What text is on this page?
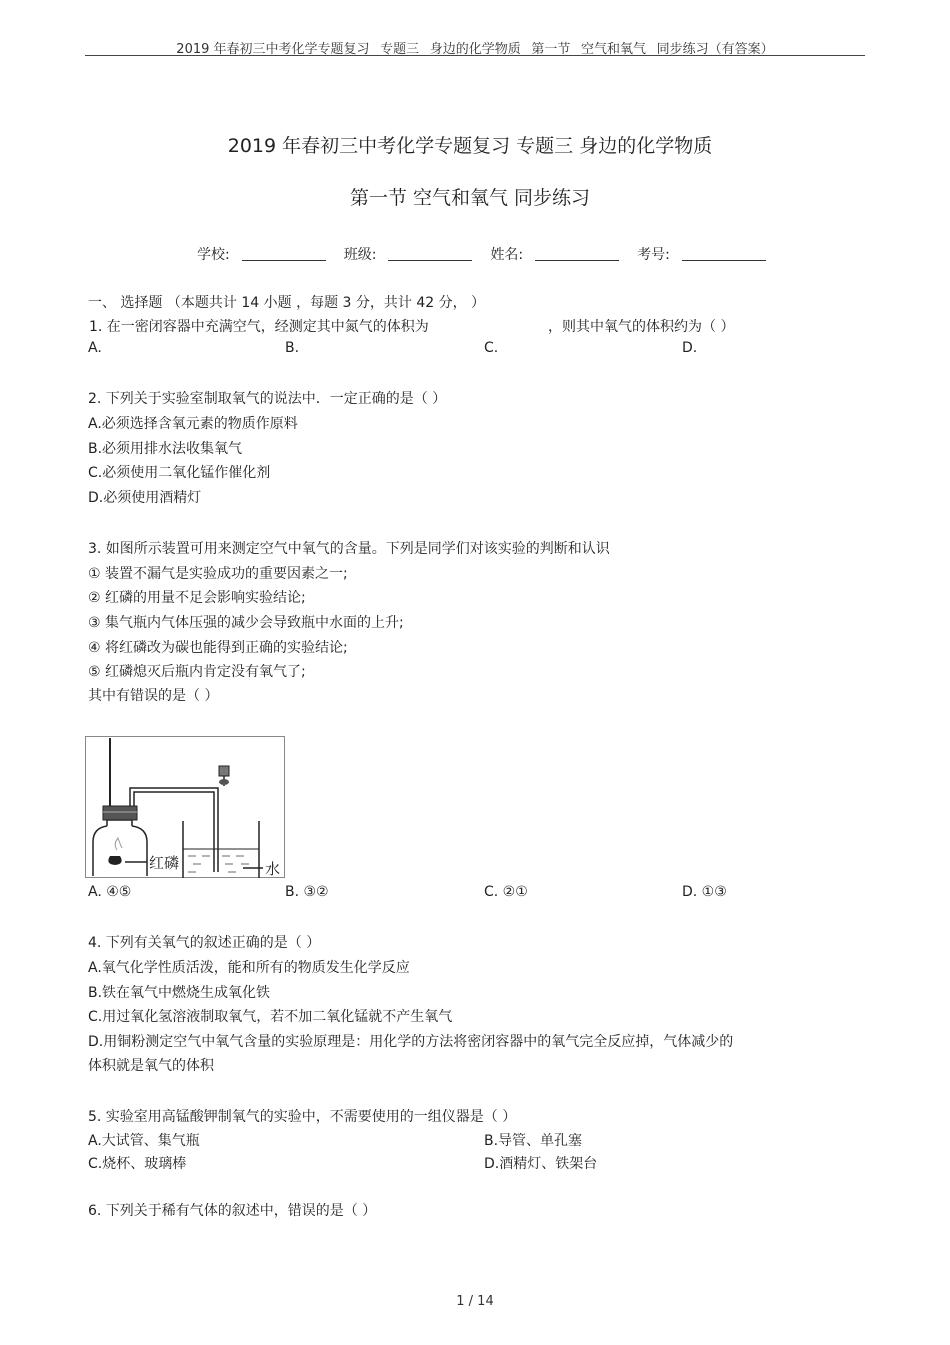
2019 年春初三中考化学专题复习 _专题三 _身边的化学物质 _第一节 _空气和氧气 _同步练习（有答案）
2019 年春初三中考化学专题复习 专题三 身边的化学物质
第一节 空气和氧气 同步练习
学校:	班级:	姓名:	考号:
一、 选择题 （本题共计 14 小题 ，每题 3 分，共计 42 分， ）
1. 在一密闭容器中充满空气，经测定其中氮气的体积为	，则其中氧气的体积约为（ ）
A.	B.	C.	D.
2. 下列关于实验室制取氧气的说法中．一定正确的是（ ）
A.必须选择含氧元素的物质作原料
B.必须用排水法收集氧气
C.必须使用二氧化锰作催化剂
D.必须使用酒精灯
3. 如图所示装置可用来测定空气中氧气的含量。下列是同学们对该实验的判断和认识
① 装置不漏气是实验成功的重要因素之一;
② 红磷的用量不足会影响实验结论;
③ 集气瓶内气体压强的减少会导致瓶中水面的上升;
④ 将红磷改为碳也能得到正确的实验结论;
⑤ 红磷熄灭后瓶内肯定没有氧气了;
其中有错误的是（ ）
红磷	水
A. ④⑤	B. ③②	C. ②①	D. ①③
4. 下列有关氧气的叙述正确的是（ ）
A.氧气化学性质活泼，能和所有的物质发生化学反应
B.铁在氧气中燃烧生成氧化铁
C.用过氧化氢溶液制取氧气，若不加二氧化锰就不产生氧气
D.用铜粉测定空气中氧气含量的实验原理是：用化学的方法将密闭容器中的氧气完全反应掉，气体减少的
体积就是氧气的体积
5. 实验室用高锰酸钾制氧气的实验中，不需要使用的一组仪器是（ ）
A.大试管、集气瓶	B.导管、单孔塞
C.烧杯、玻璃棒	D.酒精灯、铁架台
6. 下列关于稀有气体的叙述中，错误的是（ ）
1 / 14
